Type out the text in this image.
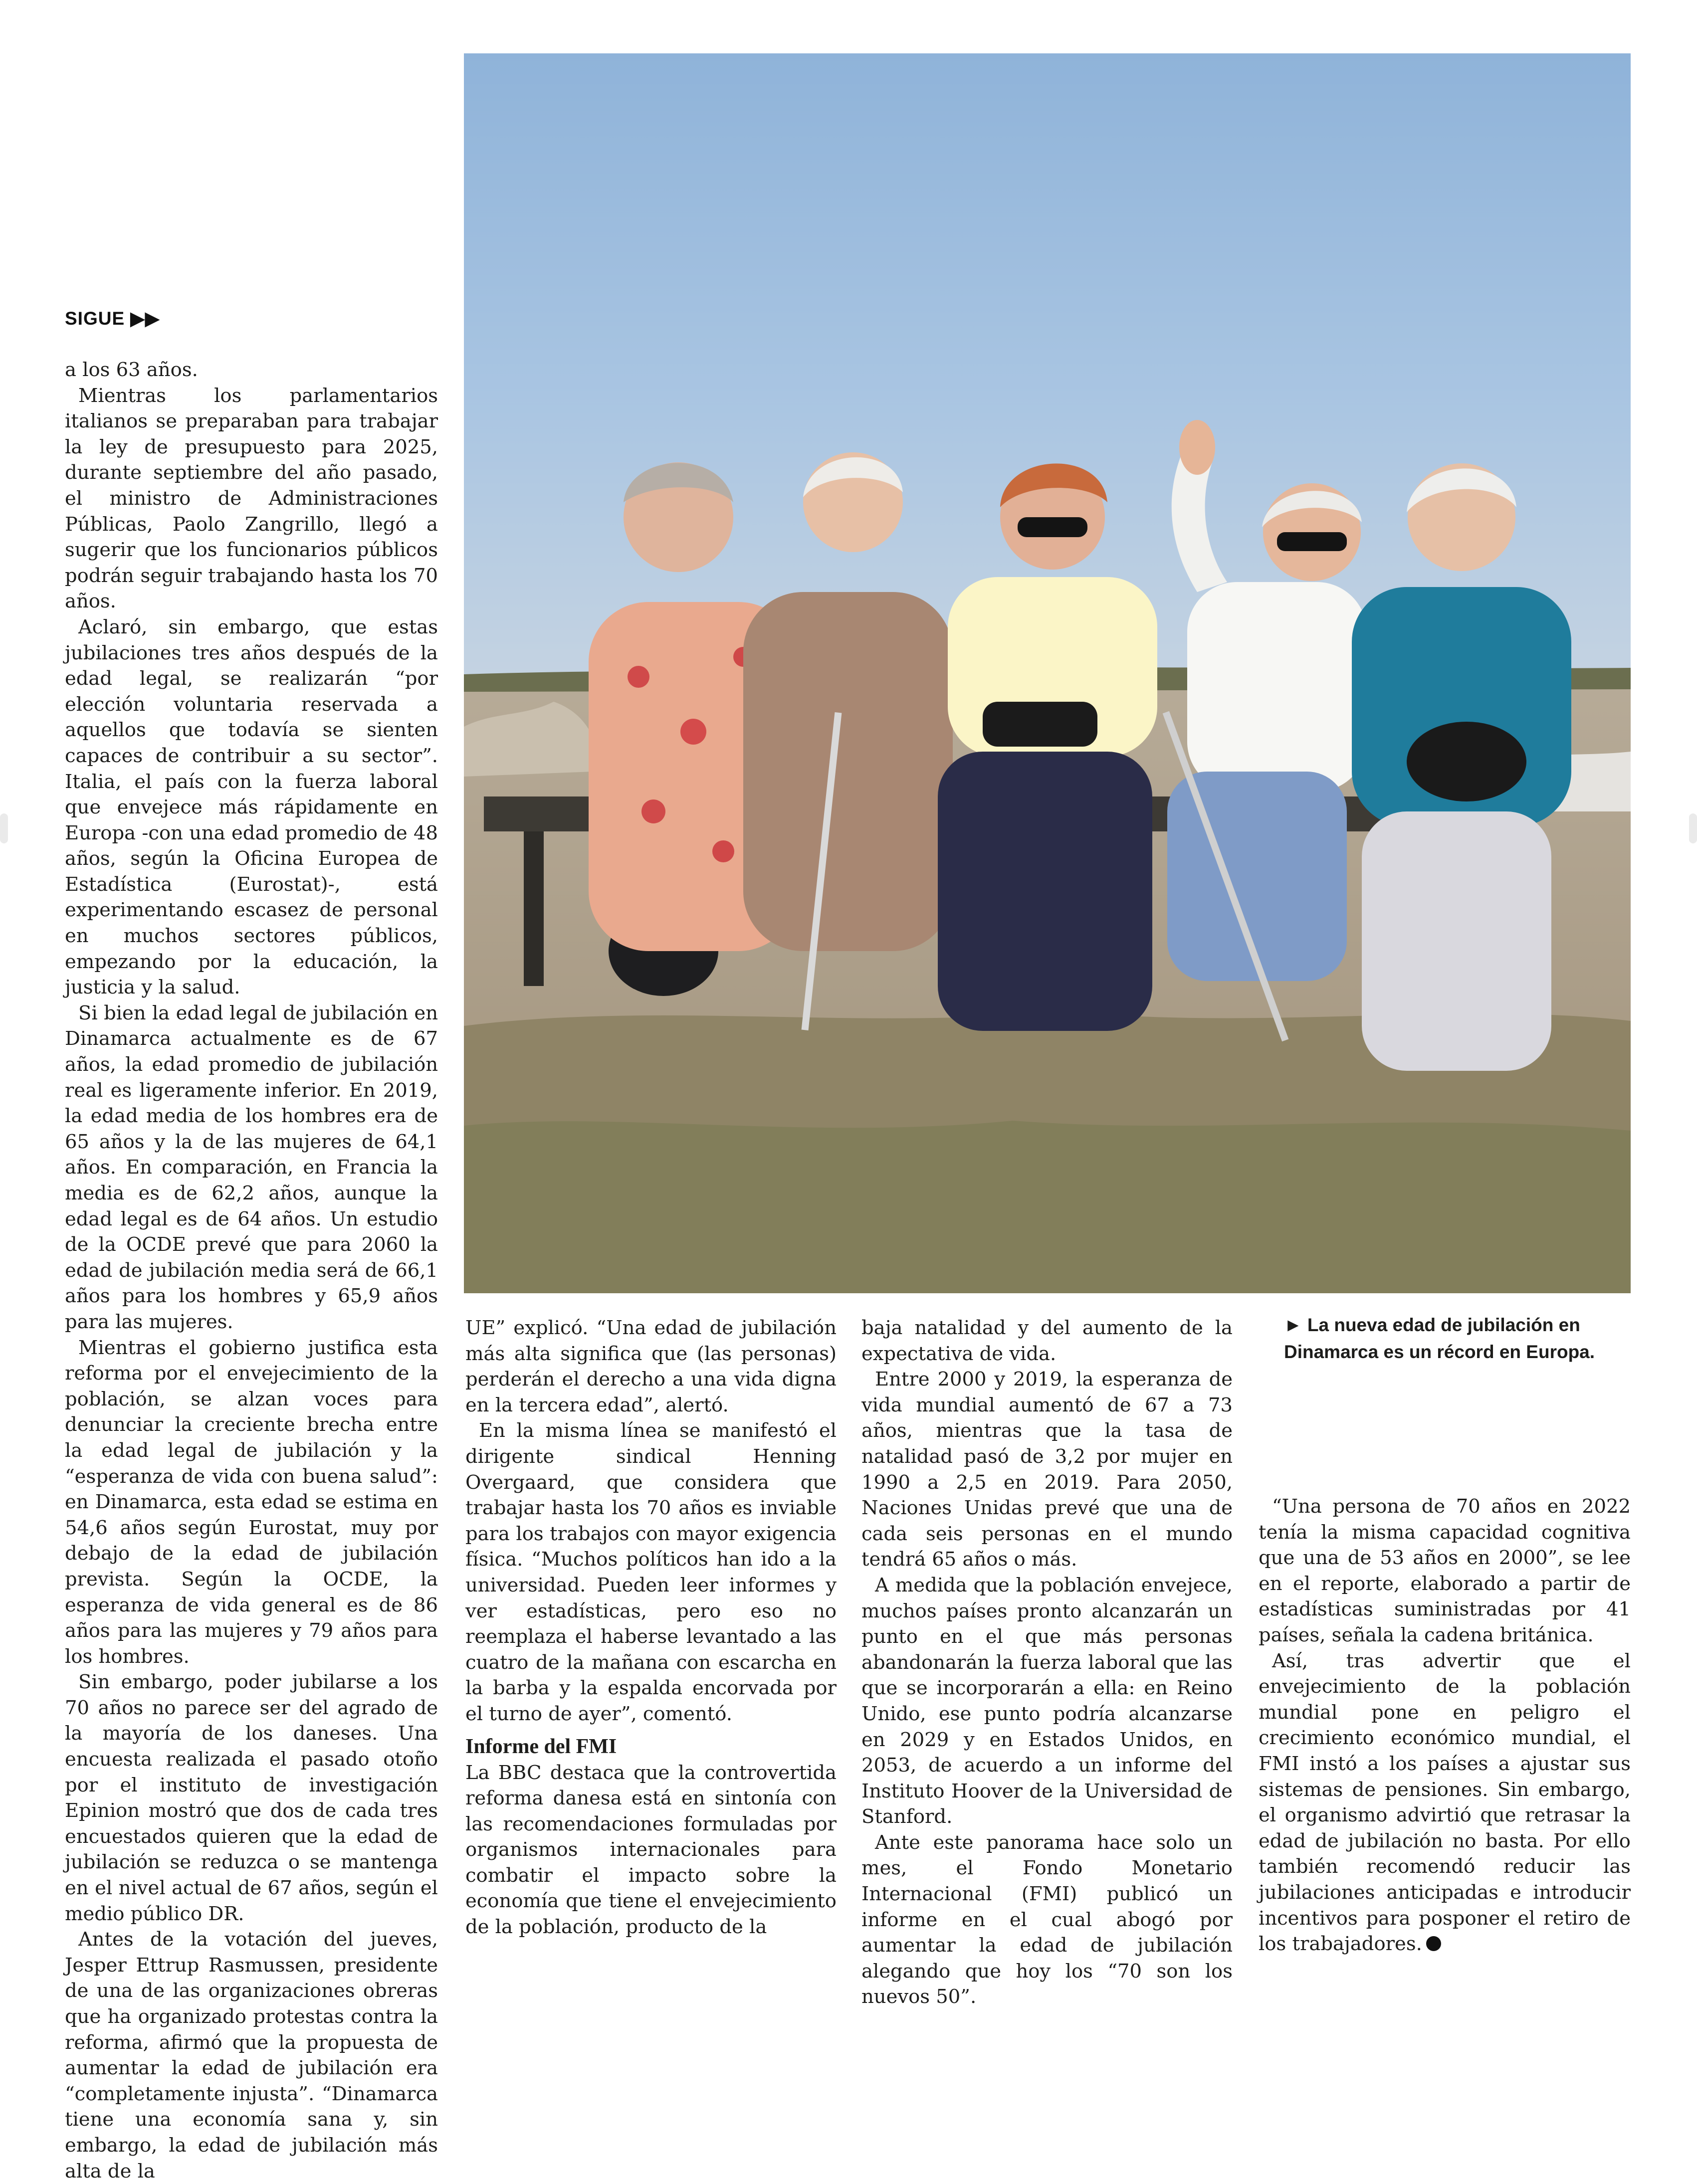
SIGUE ▶▶

a los 63 años.

Mientras los parlamentarios italianos se preparaban para trabajar la ley de presupuesto para 2025, durante septiembre del año pasado, el ministro de Administraciones Públicas, Paolo Zangrillo, llegó a sugerir que los funcionarios públicos podrán seguir trabajando hasta los 70 años.

Aclaró, sin embargo, que estas jubilaciones tres años después de la edad legal, se realizarán “por elección voluntaria reservada a aquellos que todavía se sienten capaces de contribuir a su sector”. Italia, el país con la fuerza laboral que envejece más rápidamente en Europa -con una edad promedio de 48 años, según la Oficina Europea de Estadística (Eurostat)-, está experimentando escasez de personal en muchos sectores públicos, empezando por la educación, la justicia y la salud.

Si bien la edad legal de jubilación en Dinamarca actualmente es de 67 años, la edad promedio de jubilación real es ligeramente inferior. En 2019, la edad media de los hombres era de 65 años y la de las mujeres de 64,1 años. En comparación, en Francia la media es de 62,2 años, aunque la edad legal es de 64 años. Un estudio de la OCDE prevé que para 2060 la edad de jubilación media será de 66,1 años para los hombres y 65,9 años para las mujeres.

Mientras el gobierno justifica esta reforma por el envejecimiento de la población, se alzan voces para denunciar la creciente brecha entre la edad legal de jubilación y la “esperanza de vida con buena salud”: en Dinamarca, esta edad se estima en 54,6 años según Eurostat, muy por debajo de la edad de jubilación prevista. Según la OCDE, la esperanza de vida general es de 86 años para las mujeres y 79 años para los hombres.

Sin embargo, poder jubilarse a los 70 años no parece ser del agrado de la mayoría de los daneses. Una encuesta realizada el pasado otoño por el instituto de investigación Epinion mostró que dos de cada tres encuestados quieren que la edad de jubilación se reduzca o se mantenga en el nivel actual de 67 años, según el medio público DR.

Antes de la votación del jueves, Jesper Ettrup Rasmussen, presidente de una de las organizaciones obreras que ha organizado protestas contra la reforma, afirmó que la propuesta de aumentar la edad de jubilación era “completamente injusta”. “Dinamarca tiene una economía sana y, sin embargo, la edad de jubilación más alta de la

UE” explicó. “Una edad de jubilación más alta significa que (las personas) perderán el derecho a una vida digna en la tercera edad”, alertó.

En la misma línea se manifestó el dirigente sindical Henning Overgaard, que considera que trabajar hasta los 70 años es inviable para los trabajos con mayor exigencia física. “Muchos políticos han ido a la universidad. Pueden leer informes y ver estadísticas, pero eso no reemplaza el haberse levantado a las cuatro de la mañana con escarcha en la barba y la espalda encorvada por el turno de ayer”, comentó.

Informe del FMI

La BBC destaca que la controvertida reforma danesa está en sintonía con las recomendaciones formuladas por organismos internacionales para combatir el impacto sobre la economía que tiene el envejecimiento de la población, producto de la

baja natalidad y del aumento de la expectativa de vida.

Entre 2000 y 2019, la esperanza de vida mundial aumentó de 67 a 73 años, mientras que la tasa de natalidad pasó de 3,2 por mujer en 1990 a 2,5 en 2019. Para 2050, Naciones Unidas prevé que una de cada seis personas en el mundo tendrá 65 años o más.

A medida que la población envejece, muchos países pronto alcanzarán un punto en el que más personas abandonarán la fuerza laboral que las que se incorporarán a ella: en Reino Unido, ese punto podría alcanzarse en 2029 y en Estados Unidos, en 2053, de acuerdo a un informe del Instituto Hoover de la Universidad de Stanford.

Ante este panorama hace solo un mes, el Fondo Monetario Internacional (FMI) publicó un informe en el cual abogó por aumentar la edad de jubilación alegando que hoy los “70 son los nuevos 50”.

► La nueva edad de jubilación en Dinamarca es un récord en Europa.

“Una persona de 70 años en 2022 tenía la misma capacidad cognitiva que una de 53 años en 2000”, se lee en el reporte, elaborado a partir de estadísticas suministradas por 41 países, señala la cadena británica.

Así, tras advertir que el envejecimiento de la población mundial pone en peligro el crecimiento económico mundial, el FMI instó a los países a ajustar sus sistemas de pensiones. Sin embargo, el organismo advirtió que retrasar la edad de jubilación no basta. Por ello también recomendó reducir las jubilaciones anticipadas e introducir incentivos para posponer el retiro de los trabajadores.
